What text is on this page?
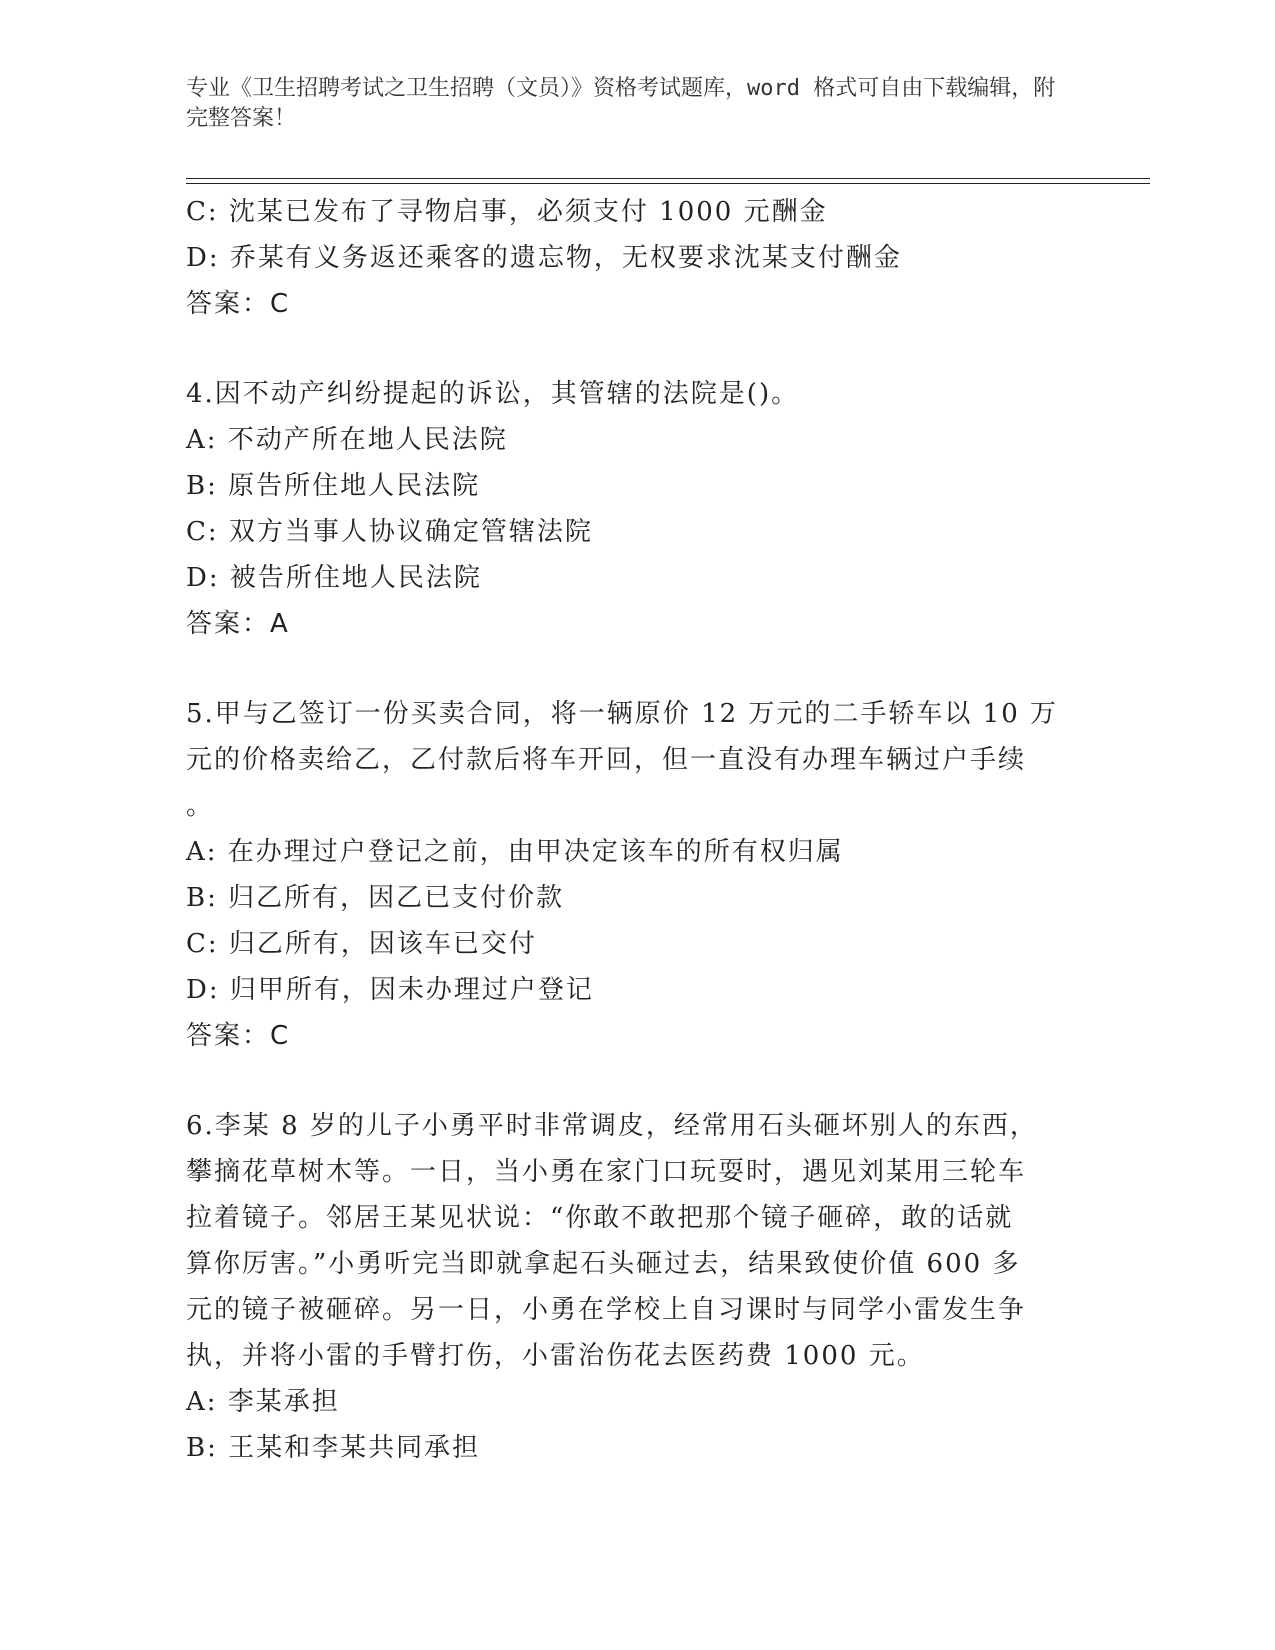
专业《卫生招聘考试之卫生招聘（文员）》资格考试题库，word 格式可自由下载编辑，附完整答案！
C: 沈某已发布了寻物启事，必须支付 1000 元酬金
D: 乔某有义务返还乘客的遗忘物，无权要求沈某支付酬金
答案：C
4.因不动产纠纷提起的诉讼，其管辖的法院是()。
A: 不动产所在地人民法院
B: 原告所住地人民法院
C: 双方当事人协议确定管辖法院
D: 被告所住地人民法院
答案：A
5.甲与乙签订一份买卖合同，将一辆原价 12 万元的二手轿车以 10 万
元的价格卖给乙，乙付款后将车开回，但一直没有办理车辆过户手续
。
A: 在办理过户登记之前，由甲决定该车的所有权归属
B: 归乙所有，因乙已支付价款
C: 归乙所有，因该车已交付
D: 归甲所有，因未办理过户登记
答案：C
6.李某 8 岁的儿子小勇平时非常调皮，经常用石头砸坏别人的东西，
攀摘花草树木等。一日，当小勇在家门口玩耍时，遇见刘某用三轮车
拉着镜子。邻居王某见状说：“你敢不敢把那个镜子砸碎，敢的话就
算你厉害。”小勇听完当即就拿起石头砸过去，结果致使价值 600 多
元的镜子被砸碎。另一日，小勇在学校上自习课时与同学小雷发生争
执，并将小雷的手臂打伤，小雷治伤花去医药费 1000 元。
A: 李某承担
B: 王某和李某共同承担
